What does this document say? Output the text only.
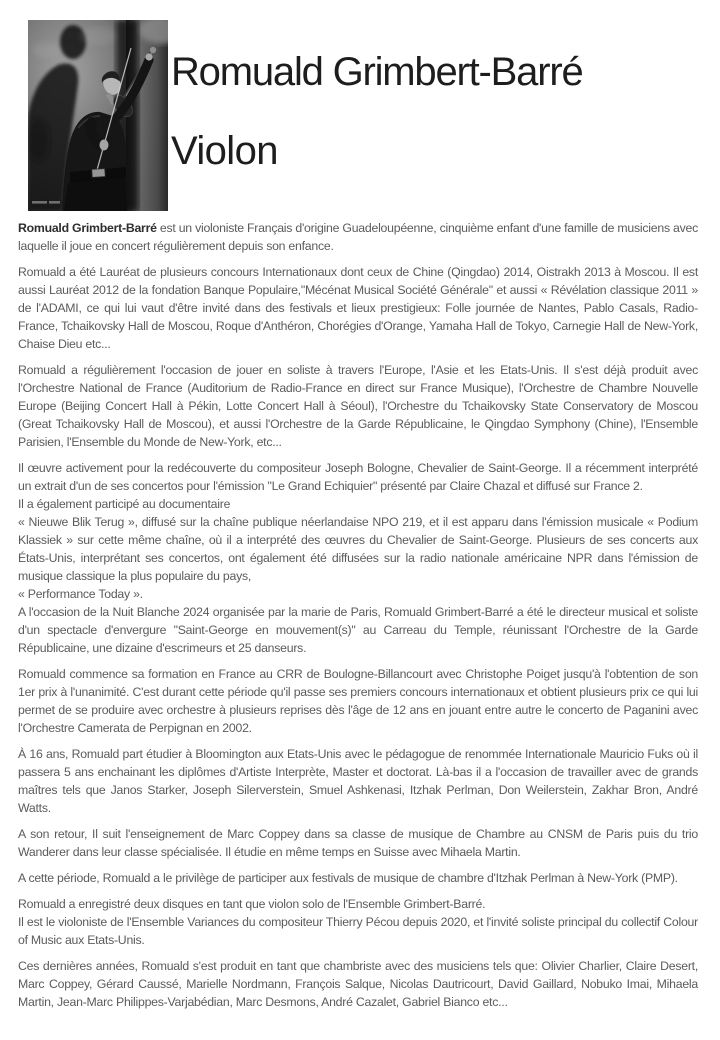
Romuald Grimbert-Barré
Violon

Romuald Grimbert-Barré est un violoniste Français d'origine Guadeloupéenne, cinquième enfant d'une famille de musiciens avec laquelle il joue en concert régulièrement depuis son enfance.

Romuald a été Lauréat de plusieurs concours Internationaux dont ceux de Chine (Qingdao) 2014, Oistrakh 2013 à Moscou. Il est aussi Lauréat 2012 de la fondation Banque Populaire,"Mécénat Musical Société Générale" et aussi « Révélation classique 2011 » de l'ADAMI, ce qui lui vaut d'être invité dans des festivals et lieux prestigieux: Folle journée de Nantes, Pablo Casals, Radio-France, Tchaikovsky Hall de Moscou, Roque d'Anthéron, Chorégies d'Orange, Yamaha Hall de Tokyo, Carnegie Hall de New-York, Chaise Dieu etc...

Romuald a régulièrement l'occasion de jouer en soliste à travers l'Europe, l'Asie et les Etats-Unis. Il s'est déjà produit avec l'Orchestre National de France (Auditorium de Radio-France en direct sur France Musique), l'Orchestre de Chambre Nouvelle Europe (Beijing Concert Hall à Pékin, Lotte Concert Hall à Séoul), l'Orchestre du Tchaikovsky State Conservatory de Moscou (Great Tchaikovsky Hall de Moscou), et aussi l'Orchestre de la Garde Républicaine, le Qingdao Symphony (Chine), l'Ensemble Parisien, l'Ensemble du Monde de New-York, etc...

Il œuvre activement pour la redécouverte du compositeur Joseph Bologne, Chevalier de Saint-George. Il a récemment interprété un extrait d'un de ses concertos pour l'émission "Le Grand Echiquier" présenté par Claire Chazal et diffusé sur France 2.

Il a également participé au documentaire

« Nieuwe Blik Terug », diffusé sur la chaîne publique néerlandaise NPO 219, et il est apparu dans l'émission musicale « Podium Klassiek » sur cette même chaîne, où il a interprété des œuvres du Chevalier de Saint-George. Plusieurs de ses concerts aux États-Unis, interprétant ses concertos, ont également été diffusées sur la radio nationale américaine NPR dans l'émission de musique classique la plus populaire du pays,

« Performance Today ».

A l'occasion de la Nuit Blanche 2024 organisée par la marie de Paris, Romuald Grimbert-Barré a été le directeur musical et soliste d'un spectacle d'envergure "Saint-George en mouvement(s)" au Carreau du Temple, réunissant l'Orchestre de la Garde Républicaine, une dizaine d'escrimeurs et 25 danseurs.

Romuald commence sa formation en France au CRR de Boulogne-Billancourt avec Christophe Poiget jusqu'à l'obtention de son 1er prix à l'unanimité. C'est durant cette période qu'il passe ses premiers concours internationaux et obtient plusieurs prix ce qui lui permet de se produire avec orchestre à plusieurs reprises dès l'âge de 12 ans en jouant entre autre le concerto de Paganini avec l'Orchestre Camerata de Perpignan en 2002.

À 16 ans, Romuald part étudier à Bloomington aux Etats-Unis avec le pédagogue de renommée Internationale Mauricio Fuks où il passera 5 ans enchainant les diplômes d'Artiste Interprète, Master et doctorat. Là-bas il a l'occasion de travailler avec de grands maîtres tels que Janos Starker, Joseph Silerverstein, Smuel Ashkenasi, Itzhak Perlman, Don Weilerstein, Zakhar Bron, André Watts.

A son retour, Il suit l'enseignement de Marc Coppey dans sa classe de musique de Chambre au CNSM de Paris puis du trio Wanderer dans leur classe spécialisée. Il étudie en même temps en Suisse avec Mihaela Martin.

A cette période, Romuald a le privilège de participer aux festivals de musique de chambre d'Itzhak Perlman à New-York (PMP).

Romuald a enregistré deux disques en tant que violon solo de l'Ensemble Grimbert-Barré.

Il est le violoniste de l'Ensemble Variances du compositeur Thierry Pécou depuis 2020, et l'invité soliste principal du collectif Colour of Music aux Etats-Unis.

Ces dernières années, Romuald s'est produit en tant que chambriste avec des musiciens tels que: Olivier Charlier, Claire Desert, Marc Coppey, Gérard Caussé, Marielle Nordmann, François Salque, Nicolas Dautricourt, David Gaillard, Nobuko Imai, Mihaela Martin, Jean-Marc Philippes-Varjabédian, Marc Desmons, André Cazalet, Gabriel Bianco etc...
